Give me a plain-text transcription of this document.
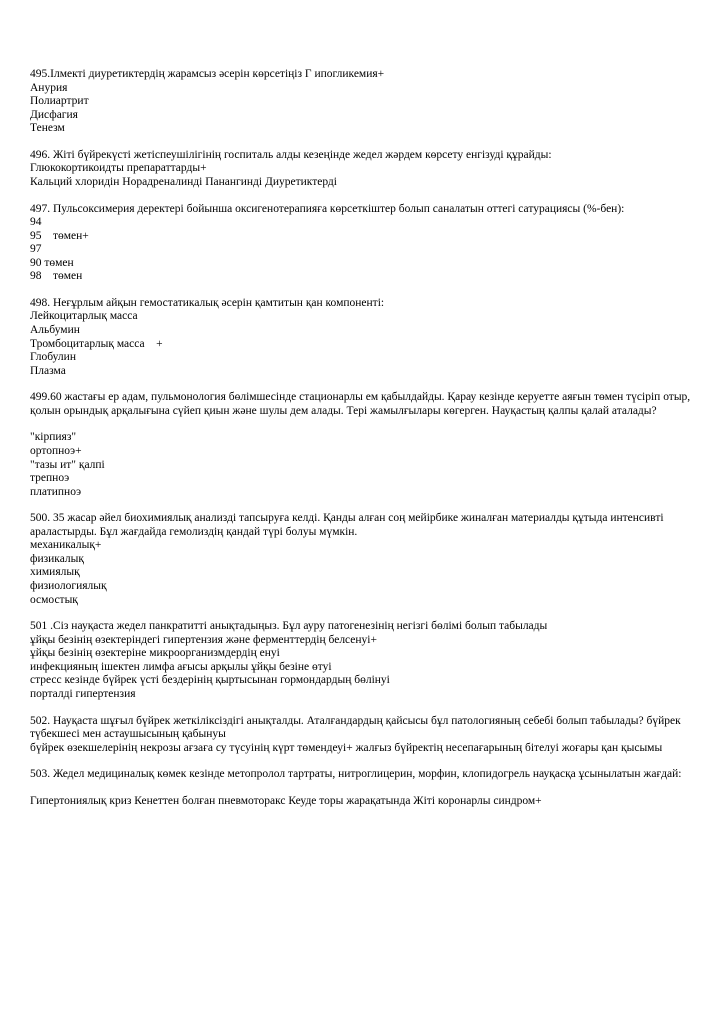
495.Ілмекті диуретиктердің жарамсыз әсерін көрсетіңіз Г ипогликемия+

Анурия

Полиартрит

Дисфагия

Тенезм

496. Жіті бүйрекүсті жетіспеушілігінің госпиталь алды кезеңінде жедел жәрдем көрсету енгізуді құрайды:

Глюкокортикоидты препараттарды+

Кальций хлоридін Норадреналинді Панангинді Диуретиктерді

497. Пульсоксимерия деректері бойынша оксигенотерапияға көрсеткіштер болып саналатын оттегі сатурациясы (%-бен):

94

95    төмен+

97

90 төмен

98    төмен

498. Неғұрлым айқын гемостатикалық әсерін қамтитын қан компоненті:

Лейкоцитарлық масса

Альбумин

Тромбоцитарлық масса    +

Глобулин

Плазма

499.60 жастағы ер адам, пульмонология бөлімшесінде стационарлы ем қабылдайды. Қарау кезінде керуетте аяғын төмен түсіріп отыр, қолын орындық арқалығына сүйеп қиын және шулы дем алады. Тері жамылғылары көгерген. Науқастың қалпы қалай аталады?

"кірпияз"

ортопноэ+

"тазы ит" қалпі

трепноэ

платипноэ

500. 35 жасар әйел биохимиялық анализді тапсыруға келді. Қанды алған соң мейірбике жиналған материалды құтыда интенсивті араластырды. Бұл жағдайда гемолиздің қандай түрі болуы мүмкін.

механикалық+

физикалық

химиялық

физиологиялық

осмостық

501 .Сіз науқаста жедел панкратитті анықтадыңыз. Бұл ауру патогенезінің негізгі бөлімі болып табылады

ұйқы безінің өзектеріндегі гипертензия және ферменттердің белсенуі+

ұйқы безінің өзектеріне микроорганизмдердің енуі

инфекцияның ішектен лимфа ағысы арқылы ұйқы безіне өтуі

стресс кезінде бүйрек үсті бездерінің қыртысынан гормондардың бөлінуі

порталді гипертензия

502. Науқаста шұғыл бүйрек жеткіліксіздігі анықталды. Аталғандардың қайсысы бұл патологияның себебі болып табылады? бүйрек түбекшесі мен астаушысының қабынуы

бүйрек өзекшелерінің некрозы ағзаға су түсуінің күрт төмендеуі+ жалғыз бүйректің несепағарының бітелуі жоғары қан қысымы

503. Жедел медициналық көмек кезінде метопролол тартраты, нитроглицерин, морфин, клопидогрель науқасқа ұсынылатын жағдай:

Гипертониялық криз Кенеттен болған пневмоторакс Кеуде торы жарақатында Жіті коронарлы синдром+
